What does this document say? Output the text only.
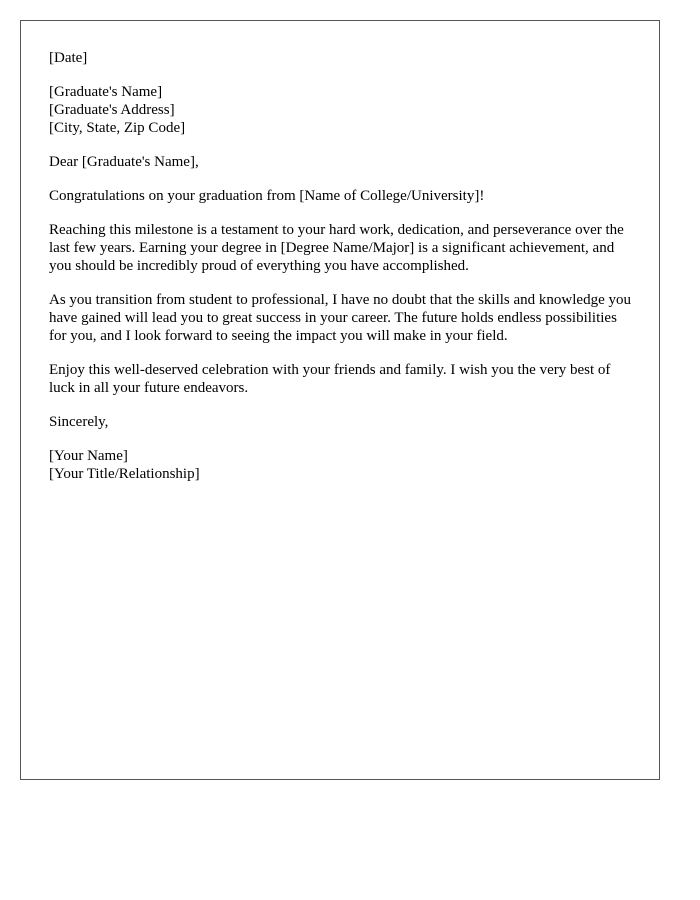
[Date]

[Graduate's Name]
[Graduate's Address]
[City, State, Zip Code]

Dear [Graduate's Name],

Congratulations on your graduation from [Name of College/University]!

Reaching this milestone is a testament to your hard work, dedication, and perseverance over the last few years. Earning your degree in [Degree Name/Major] is a significant achievement, and you should be incredibly proud of everything you have accomplished.

As you transition from student to professional, I have no doubt that the skills and knowledge you have gained will lead you to great success in your career. The future holds endless possibilities for you, and I look forward to seeing the impact you will make in your field.

Enjoy this well-deserved celebration with your friends and family. I wish you the very best of luck in all your future endeavors.

Sincerely,

[Your Name]
[Your Title/Relationship]
